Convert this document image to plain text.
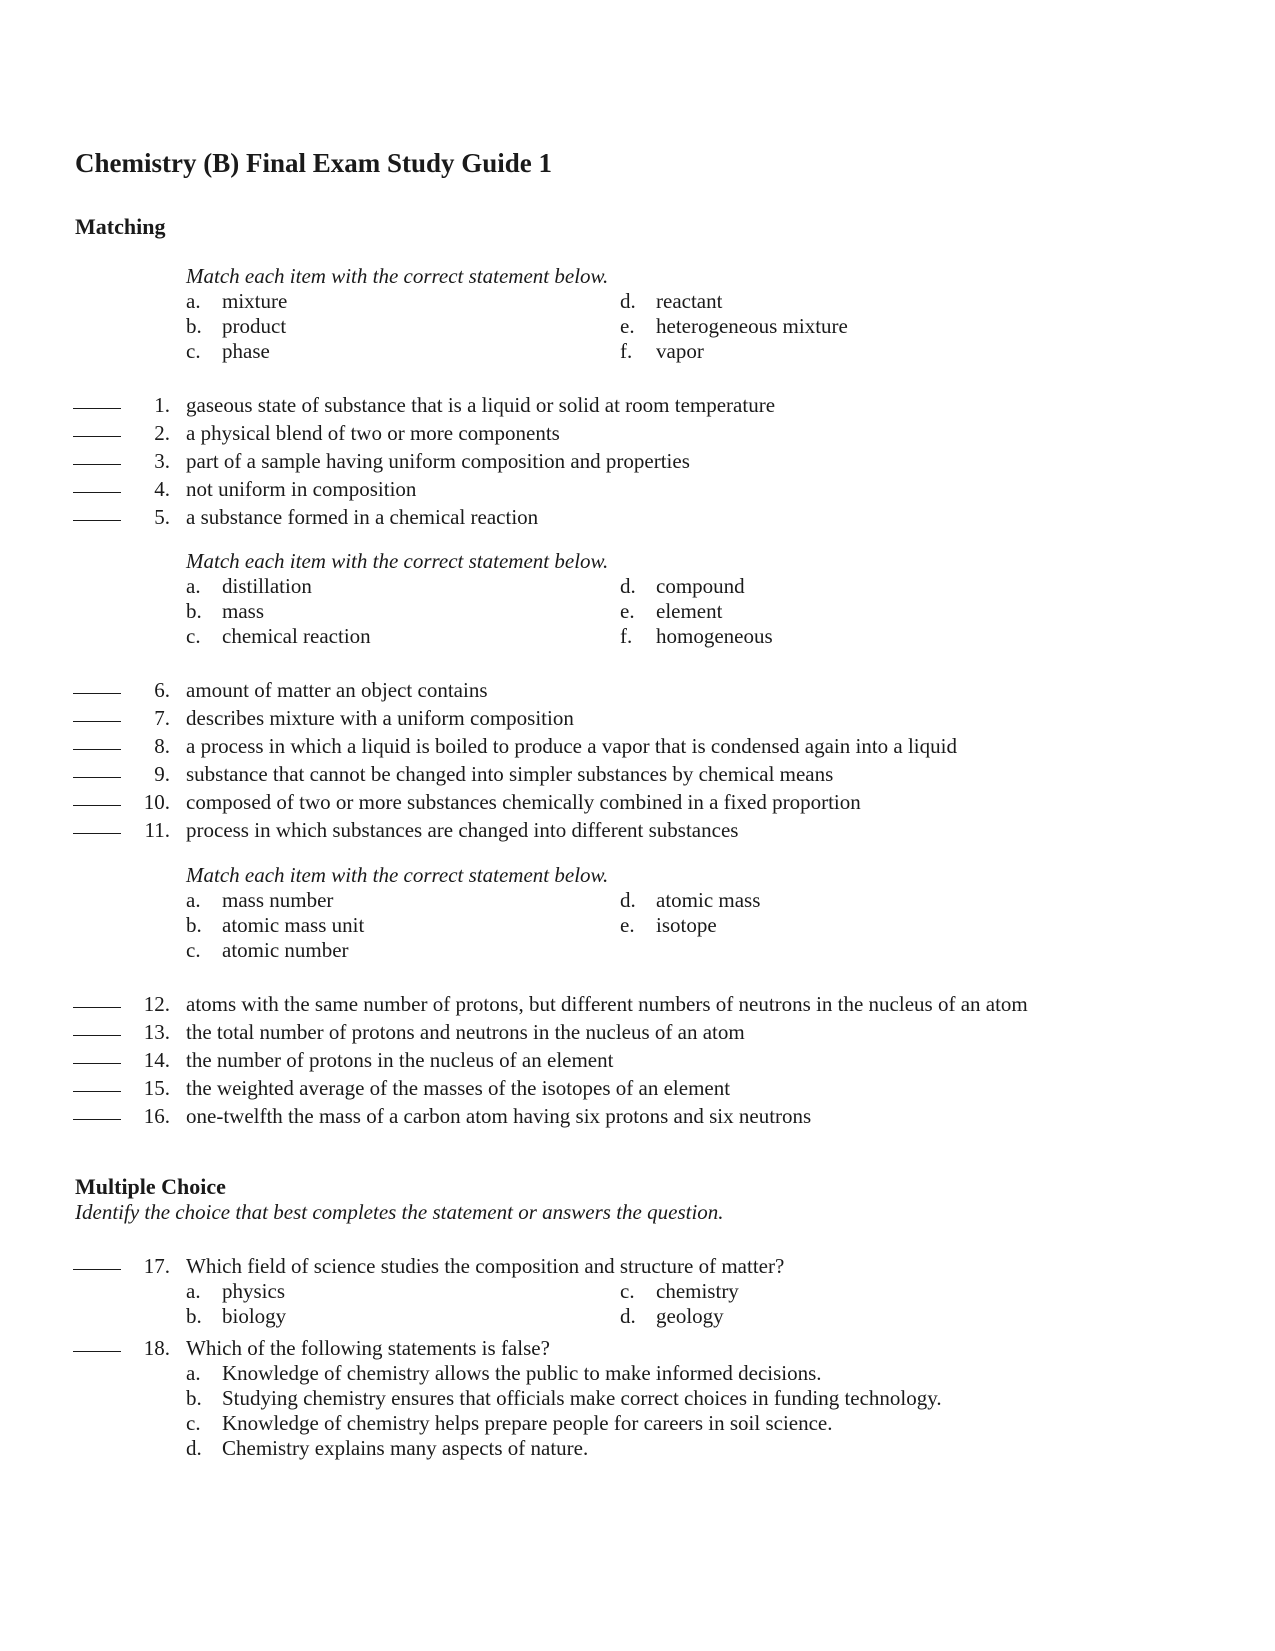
Chemistry (B) Final Exam Study Guide 1
Matching
Match each item with the correct statement below.
a.	mixture
b. product
c.	phase
d. reactant
e.	heterogeneous mixture
f.	vapor
1. gaseous state of substance that is a liquid or solid at room temperature
2. a physical blend of two or more components
3. part of a sample having uniform composition and properties
4. not uniform in composition
5. a substance formed in a chemical reaction
Match each item with the correct statement below.
a.	distillation
b. mass
c.	chemical reaction
d. compound
e.	element
f.	homogeneous
6. amount of matter an object contains
7. describes mixture with a uniform composition
8. a process in which a liquid is boiled to produce a vapor that is condensed again into a liquid
9. substance that cannot be changed into simpler substances by chemical means
10. composed of two or more substances chemically combined in a fixed proportion
11. process in which substances are changed into different substances
Match each item with the correct statement below.
a.	mass number
b. atomic mass unit
c.	atomic number
d. atomic mass
e.	isotope
12. atoms with the same number of protons, but different numbers of neutrons in the nucleus of an atom
13. the total number of protons and neutrons in the nucleus of an atom
14. the number of protons in the nucleus of an element
15. the weighted average of the masses of the isotopes of an element
16. one-twelfth the mass of a carbon atom having six protons and six neutrons
Multiple Choice
Identify the choice that best completes the statement or answers the question.
17. Which field of science studies the composition and structure of matter?
a.	physics
b. biology
c.	chemistry
d. geology
18. Which of the following statements is false?
a.	Knowledge of chemistry allows the public to make informed decisions.
b. Studying chemistry ensures that officials make correct choices in funding technology.
c.	Knowledge of chemistry helps prepare people for careers in soil science.
d. Chemistry explains many aspects of nature.
